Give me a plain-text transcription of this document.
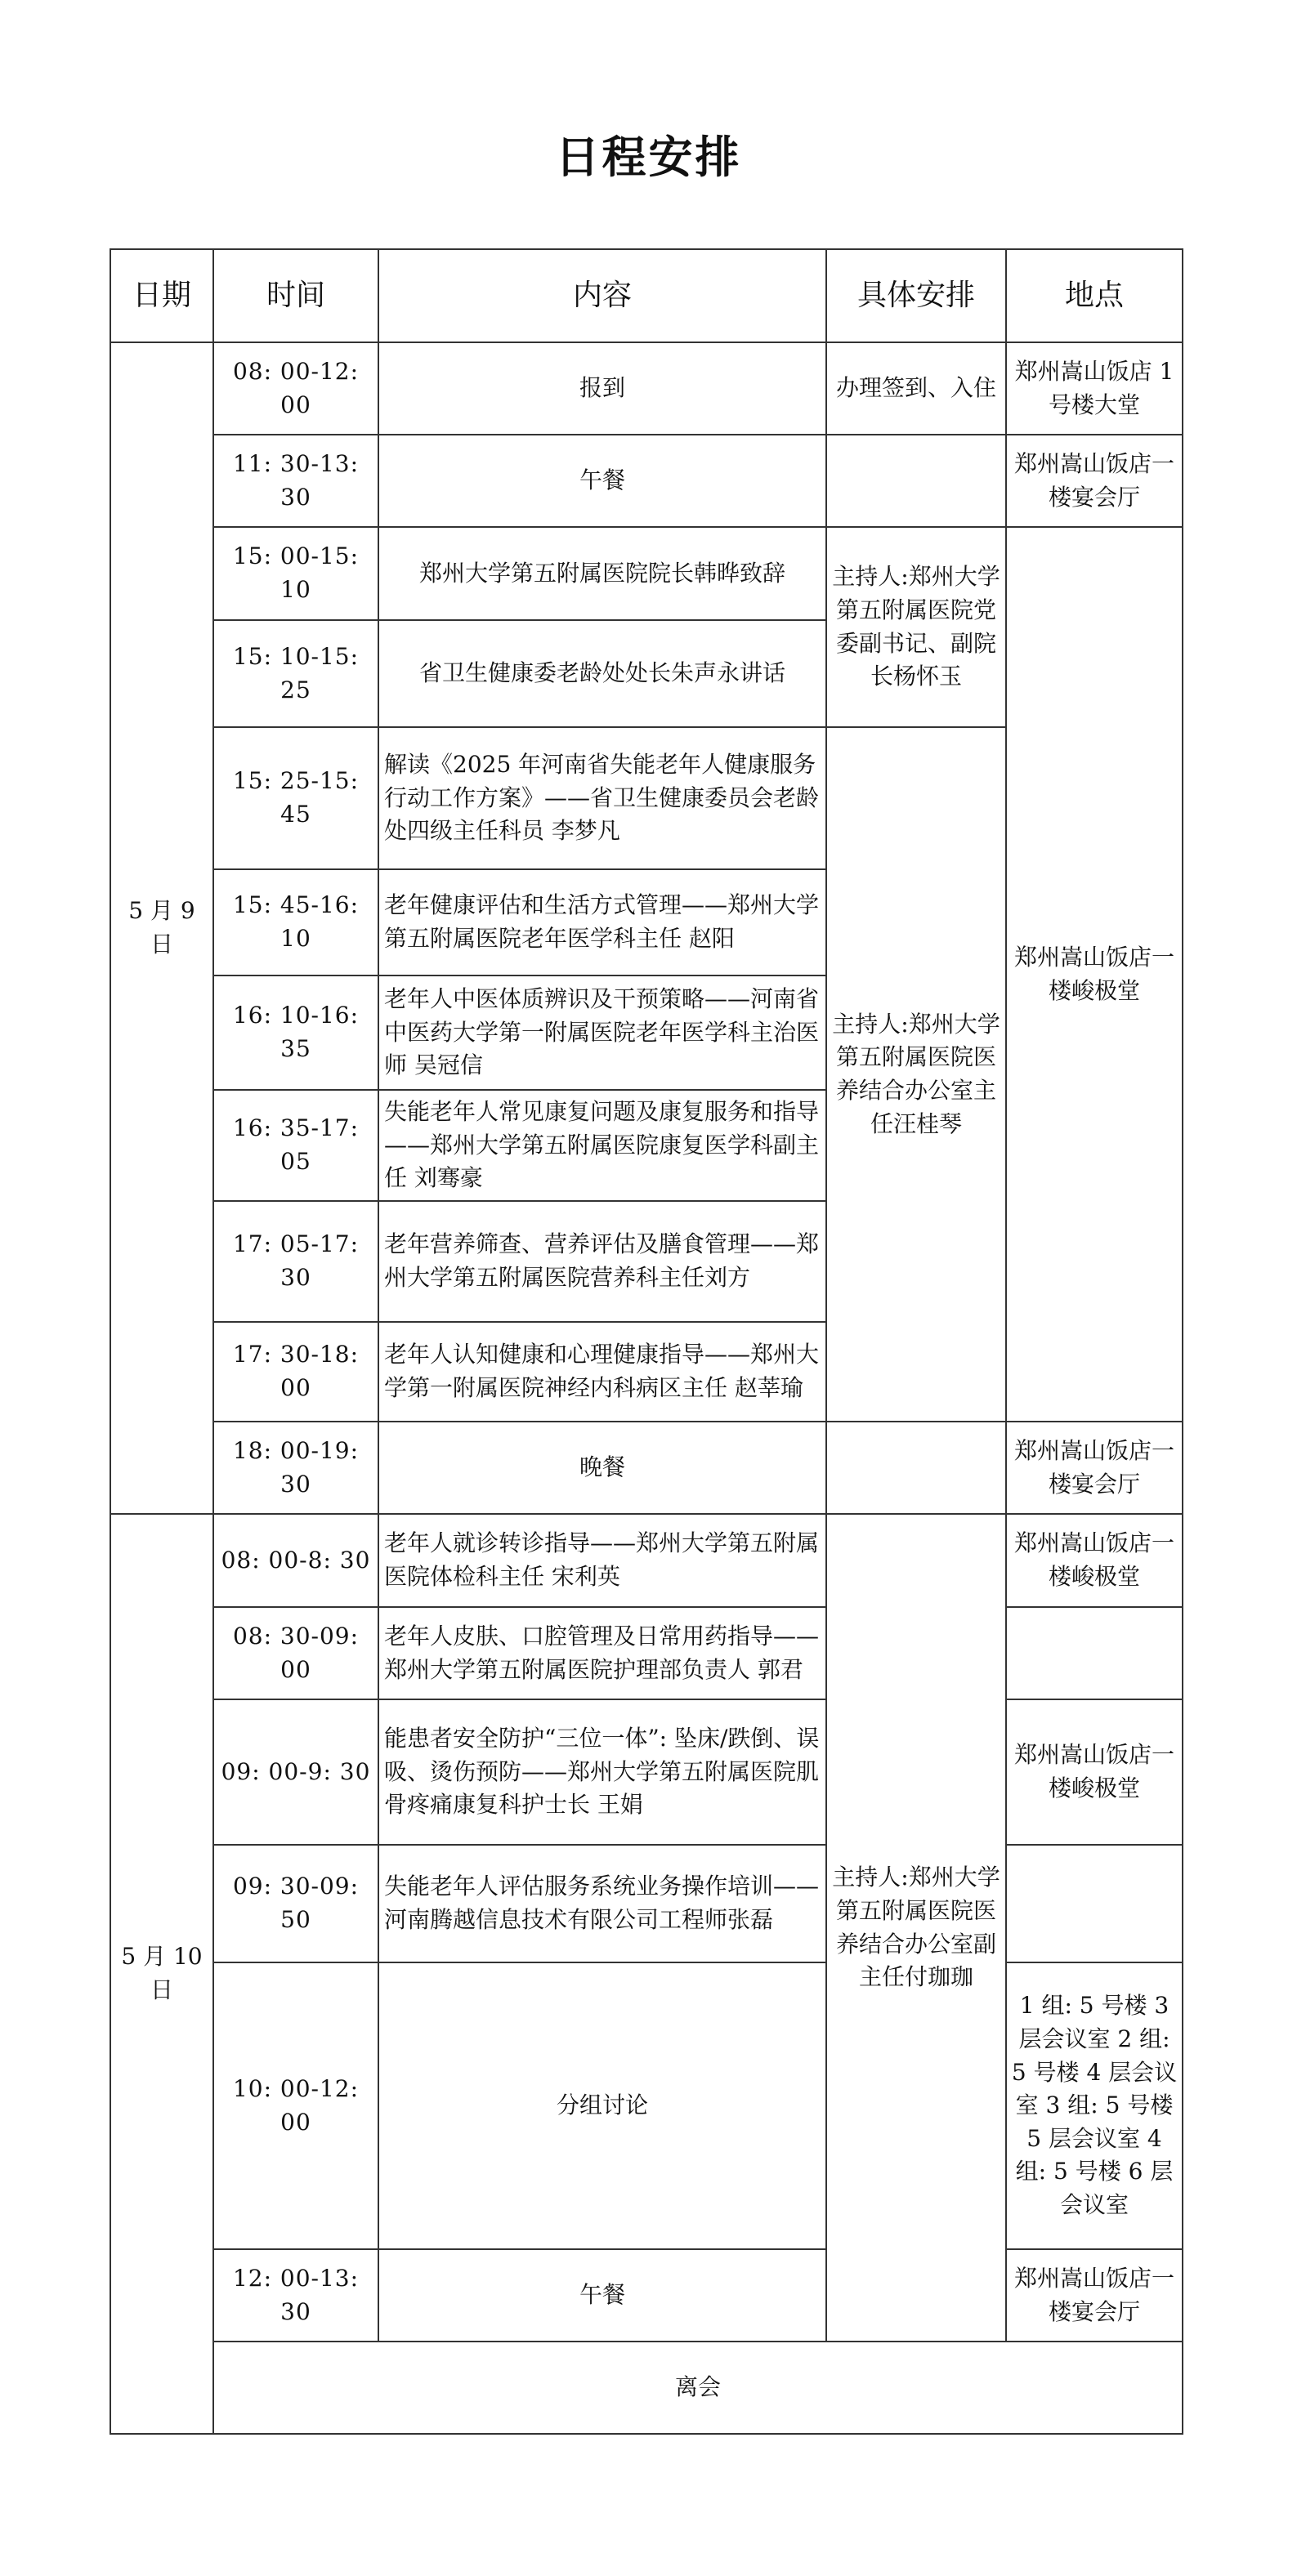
日程安排
日期	时间	内容	具体安排	地点
5 月 9 日	08: 00-12: 00	报到	办理签到、入住	郑州嵩山饭店 1 号楼大堂
	11: 30-13: 30	午餐		郑州嵩山饭店一楼宴会厅
	15: 00-15: 10	郑州大学第五附属医院院长韩晔致辞	主持人:郑州大学第五附属医院党委副书记、副院长杨怀玉	郑州嵩山饭店一楼峻极堂
	15: 10-15: 25	省卫生健康委老龄处处长朱声永讲话		
	15: 25-15: 45	解读《2025 年河南省失能老年人健康服务行动工作方案》——省卫生健康委员会老龄处四级主任科员 李梦凡	主持人:郑州大学第五附属医院医养结合办公室主任汪桂琴	
	15: 45-16: 10	老年健康评估和生活方式管理——郑州大学第五附属医院老年医学科主任 赵阳		
	16: 10-16: 35	老年人中医体质辨识及干预策略——河南省中医药大学第一附属医院老年医学科主治医师 吴冠信		
	16: 35-17: 05	失能老年人常见康复问题及康复服务和指导——郑州大学第五附属医院康复医学科副主任 刘骞豪		
	17: 05-17: 30	老年营养筛查、营养评估及膳食管理——郑州大学第五附属医院营养科主任刘方		
	17: 30-18: 00	老年人认知健康和心理健康指导——郑州大学第一附属医院神经内科病区主任 赵莘瑜		
	18: 00-19: 30	晚餐		郑州嵩山饭店一楼宴会厅
5 月 10 日	08: 00-8: 30	老年人就诊转诊指导——郑州大学第五附属医院体检科主任 宋利英	主持人:郑州大学第五附属医院医养结合办公室副主任付珈珈	郑州嵩山饭店一楼峻极堂
	08: 30-09: 00	老年人皮肤、口腔管理及日常用药指导——郑州大学第五附属医院护理部负责人 郭君		
	09: 00-9: 30	能患者安全防护“三位一体”: 坠床/跌倒、误吸、烫伤预防——郑州大学第五附属医院肌骨疼痛康复科护士长 王娟		郑州嵩山饭店一楼峻极堂
	09: 30-09: 50	失能老年人评估服务系统业务操作培训——河南腾越信息技术有限公司工程师张磊		
	10: 00-12: 00	分组讨论		1 组: 5 号楼 3 层会议室 2 组: 5 号楼 4 层会议室 3 组: 5 号楼 5 层会议室 4 组: 5 号楼 6 层会议室
	12: 00-13: 30	午餐		郑州嵩山饭店一楼宴会厅
	离会			
